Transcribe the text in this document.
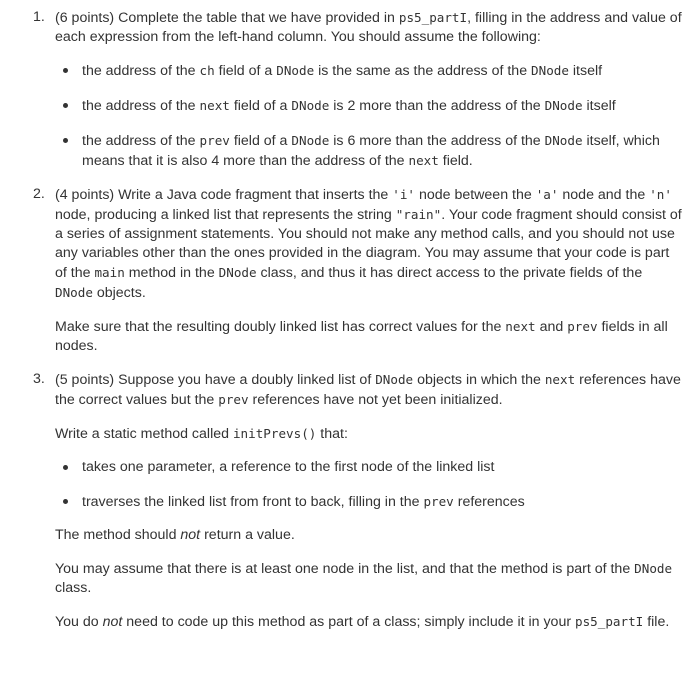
1. (6 points) Complete the table that we have provided in ps5_partI, filling in the address and value of each expression from the left-hand column. You should assume the following:

the address of the ch field of a DNode is the same as the address of the DNode itself
the address of the next field of a DNode is 2 more than the address of the DNode itself
the address of the prev field of a DNode is 6 more than the address of the DNode itself, which means that it is also 4 more than the address of the next field.
2. (4 points) Write a Java code fragment that inserts the 'i' node between the 'a' node and the 'n' node, producing a linked list that represents the string "rain". Your code fragment should consist of a series of assignment statements. You should not make any method calls, and you should not use any variables other than the ones provided in the diagram. You may assume that your code is part of the main method in the DNode class, and thus it has direct access to the private fields of the DNode objects.

Make sure that the resulting doubly linked list has correct values for the next and prev fields in all nodes.

3. (5 points) Suppose you have a doubly linked list of DNode objects in which the next references have the correct values but the prev references have not yet been initialized.

Write a static method called initPrevs() that:

takes one parameter, a reference to the first node of the linked list
traverses the linked list from front to back, filling in the prev references

The method should not return a value.

You may assume that there is at least one node in the list, and that the method is part of the DNode class.

You do not need to code up this method as part of a class; simply include it in your ps5_partI file.
